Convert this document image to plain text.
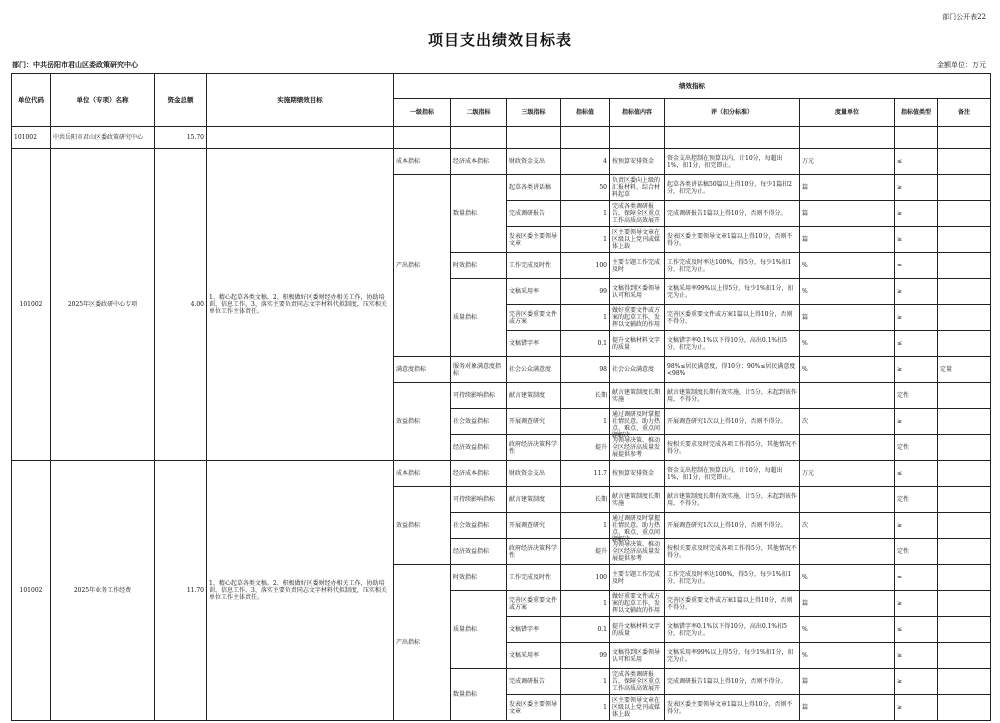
部门公开表22
项目支出绩效目标表
部门：中共岳阳市君山区委政策研究中心	金额单位：万元
单位代码	单位（专项）名称	资金总额	实施期绩效目标	绩效指标								
				一级指标	二级指标	三级指标	指标值	指标值内容	评（扣分标准）	度量单位	指标值类型	备注
101002	中共岳阳市君山区委政策研究中心	15.70										
101002	2025年区委政研中心专项	4.00	1、精心起草各类文稿。2、积极做好区委财经办相关工作，协助培训、信息工作。3、落实主要负责同志文字材料代拟制度，压实相关单位工作主体责任。	成本指标	经济成本指标	财政资金支出	4	按预算安排资金	资金支出控制在预算以内，计10分，每超出1%，扣1分，扣完即止。	万元	≤	
				产出指标	数量指标	起草各类讲话稿	50	负责区委向上级的汇报材料、综合材料起草	起草各类讲话稿50篇以上得10分，每少1篇扣2分，扣完为止。	篇	≥	
						完成调研报告	1	完成各类调研报告，保障全区重点工作高质高效展开	完成调研报告1篇以上得10分，否则不得分。	篇	≥	
						发表区委主要领导文章	1	区主要领导文章在区级以上党刊或媒体上载	发表区委主要领导文章1篇以上得10分，否则不得分。	篇	≥	
					时效指标	工作完成及时性	100	主要专题工作完成及时	工作完成及时率达100%，得5分，每少1%扣1分，扣完为止。	%	=	
					质量指标	文稿采用率	99	文稿得到区委领导认可和采用	文稿采用率99%以上得5分，每少1%扣1分，扣完为止。	%	≥	
						完善区委重要文件或方案	1	做好重要文件或方案的起草工作，发挥以文辅政的作用	完善区委重要文件或方案1篇以上得10分，否则不得分。	篇	≥	
						文稿错字率	0.1	提升文稿材料文字的质量	文稿错字率0.1%以下得10分，高出0.1%扣5分，扣完为止。	%	≤	
				满意度指标	服务对象满意度指标	社会公众满意度	98	社会公众满意度	98%≤居民满意度，得10分；90%≤居民满意度<98%	%	≥	定量
				效益指标	可持续影响指标	献言建策制度	长期	献言建策制度长期实施	献言建策制度长期有效实施，计5分，未起到该作用，不得分。		定性	
					社会效益指标	开展调查研究	1	通过调研及时掌握社情民意，助力热点、难点、重点问题解决	开展调查研究1次以上得10分，否则不得分。	次	≥	
					经济效益指标	政府经济决策科学性	提升	为领导决策、推动全区经济高质量发展提供参考	按相关要求及时完成各项工作得5分，其他情况不得分。		定性	
101002	2025年业务工作经费	11.70	1、精心起草各类文稿。2、积极做好区委财经办相关工作，协助培训、信息工作。3、落实主要负责同志文字材料代拟制度，压实相关单位工作主体责任。	成本指标	经济成本指标	财政资金支出	11.7	按预算安排资金	资金支出控制在预算以内，计10分，每超出1%，扣1分，扣完即止。	万元	≤	
				效益指标	可持续影响指标	献言建策制度	长期	献言建策制度长期实施	献言建策制度长期有效实施，计5分，未起到该作用，不得分。		定性	
					社会效益指标	开展调查研究	1	通过调研及时掌握社情民意，助力热点、难点、重点问题解决	开展调查研究1次以上得10分，否则不得分。	次	≥	
					经济效益指标	政府经济决策科学性	提升	为领导决策、推动全区经济高质量发展提供参考	按相关要求及时完成各项工作得5分，其他情况不得分。		定性	
				产出指标	时效指标	工作完成及时性	100	主要专题工作完成及时	工作完成及时率达100%，得5分，每少1%扣1分，扣完为止。	%	=	
					质量指标	完善区委重要文件或方案	1	做好重要文件或方案的起草工作，发挥以文辅政的作用	完善区委重要文件或方案1篇以上得10分，否则不得分。	篇	≥	
						文稿错字率	0.1	提升文稿材料文字的质量	文稿错字率0.1%以下得10分，高出0.1%扣5分，扣完为止。	%	≤	
						文稿采用率	99	文稿得到区委领导认可和采用	文稿采用率99%以上得5分，每少1%扣1分，扣完为止。	%	≥	
					数量指标	完成调研报告	1	完成各类调研报告，保障全区重点工作高质高效展开	完成调研报告1篇以上得10分，否则不得分。	篇	≥	
						发表区委主要领导文章	1	区主要领导文章在区级以上党刊或媒体上载	发表区委主要领导文章1篇以上得10分，否则不得分。	篇	≥	
